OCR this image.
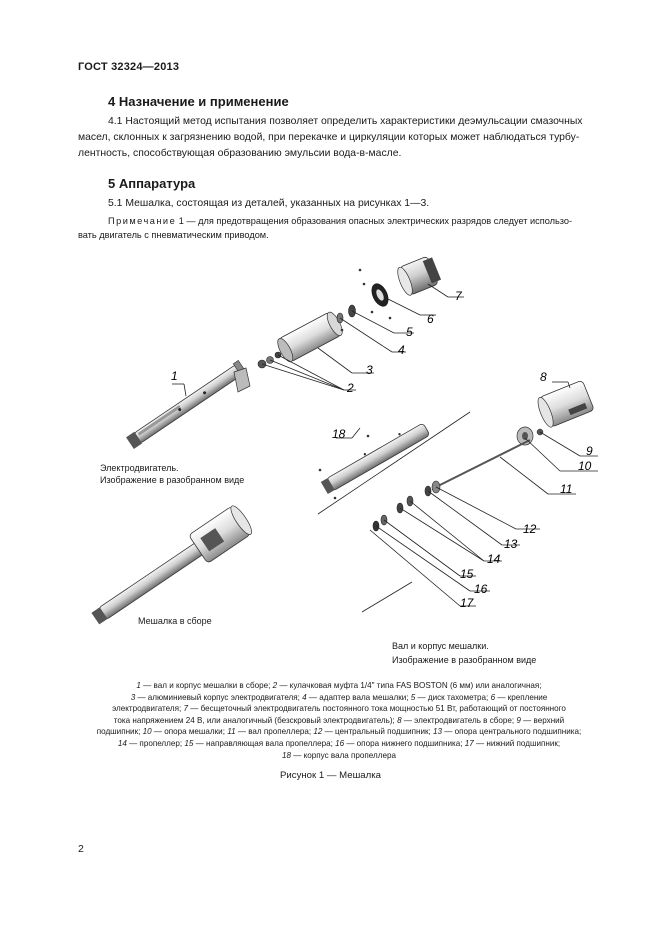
ГОСТ 32324—2013
4 Назначение и применение
4.1 Настоящий метод испытания позволяет определить характеристики деэмульсации смазочных
масел, склонных к загрязнению водой, при перекачке и циркуляции которых может наблюдаться турбу-
лентность, способствующая образованию эмульсии вода-в-масле.
5 Аппаратура
5.1 Мешалка, состоящая из деталей, указанных на рисунках 1—3.
Примечание 1 — для предотвращения образования опасных электрических разрядов следует использо-
вать двигатель с пневматическим приводом.
1
2
3
4
5
6
7
8
9
10
11
12
13
14
15
16
17
18
Электродвигатель.
Изображение в разобранном виде
Мешалка в сборе
Вал и корпус мешалки.
Изображение в разобранном виде
1 — вал и корпус мешалки в сборе; 2 — кулачковая муфта 1/4" типа FAS BOSTON (6 мм) или аналогичная;
3 — алюминиевый корпус электродвигателя; 4 — адаптер вала мешалки; 5 — диск тахометра; 6 — крепление
электродвигателя; 7 — бесщеточный электродвигатель постоянного тока мощностью 51 Вт, работающий от постоянного
тока напряжением 24 В, или аналогичный (безскровый электродвигатель); 8 — электродвигатель в сборе; 9 — верхний
подшипник; 10 — опора мешалки; 11 — вал пропеллера; 12 — центральный подшипник; 13 — опора центрального подшипника;
14 — пропеллер; 15 — направляющая вала пропеллера; 16 — опора нижнего подшипника; 17 — нижний подшипник;
18 — корпус вала пропеллера
Рисунок 1 — Мешалка
2
